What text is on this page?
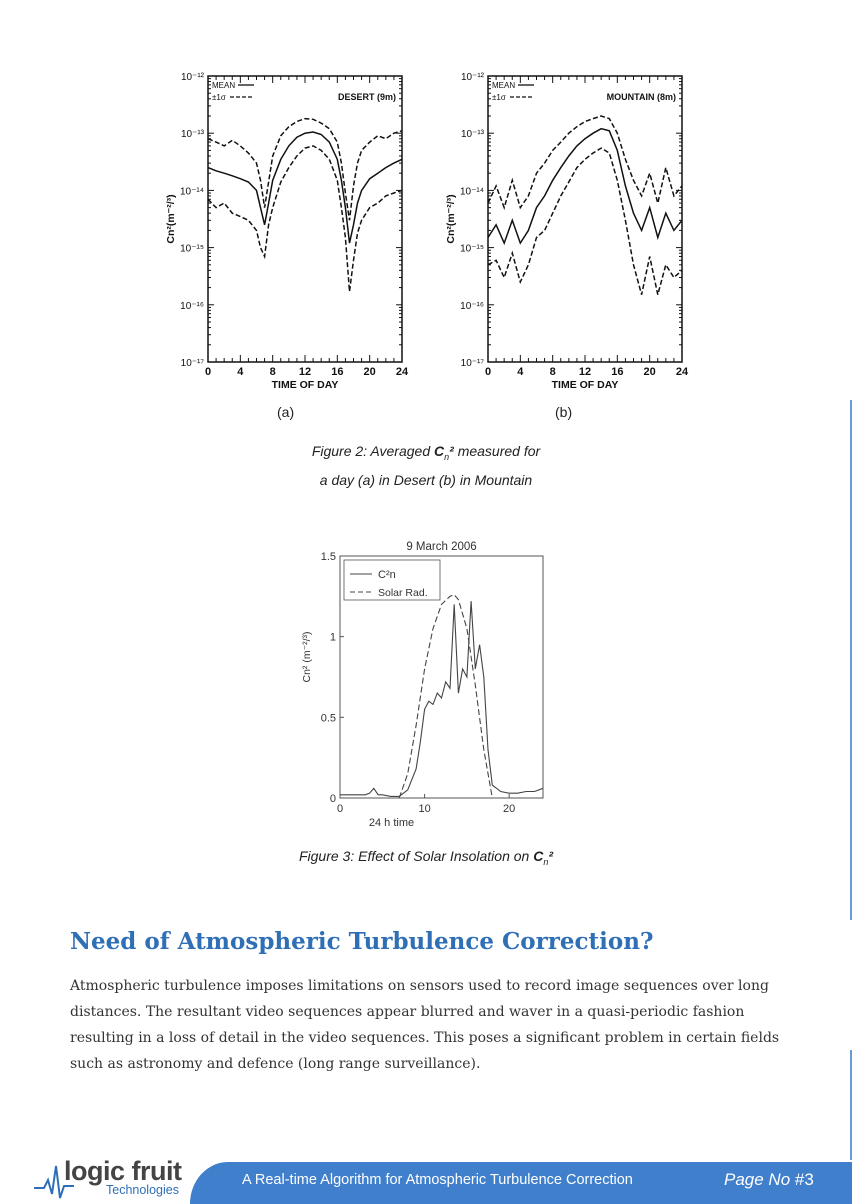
10⁻¹⁷
10⁻¹⁶
10⁻¹⁵
10⁻¹⁴
10⁻¹³
10⁻¹²
0 4 8 12 16 20 24
TIME OF DAY
Cn²(m⁻²/³)
MEAN
±1σ	DESERT (9m)
10⁻¹⁷
10⁻¹⁶
10⁻¹⁵
10⁻¹⁴
10⁻¹³
10⁻¹²
0 4 8 12 16 20 24
TIME OF DAY
Cn²(m⁻²/³)
MEAN
±1σ	MOUNTAIN (8m)
(a)	(b)
Figure 2: Averaged $C_n^2$ measured for
a day (a) in Desert (b) in Mountain
9 March 2006
0	10	20
0
0.5
1
1.5
24 h time
Cn² (m⁻²/³)
C²n
Solar Rad.
Figure 3: Effect of Solar Insolation on $C_n^2$
Need of Atmospheric Turbulence Correction?
Atmospheric turbulence imposes limitations on sensors used to record image sequences over long distances. The resultant video sequences appear blurred and waver in a quasi-periodic fashion resulting in a loss of detail in the video sequences. This poses a significant problem in certain fields such as astronomy and defence (long range surveillance).
logic fruit
Technologies
A Real-time Algorithm for Atmospheric Turbulence Correction	Page No #3
